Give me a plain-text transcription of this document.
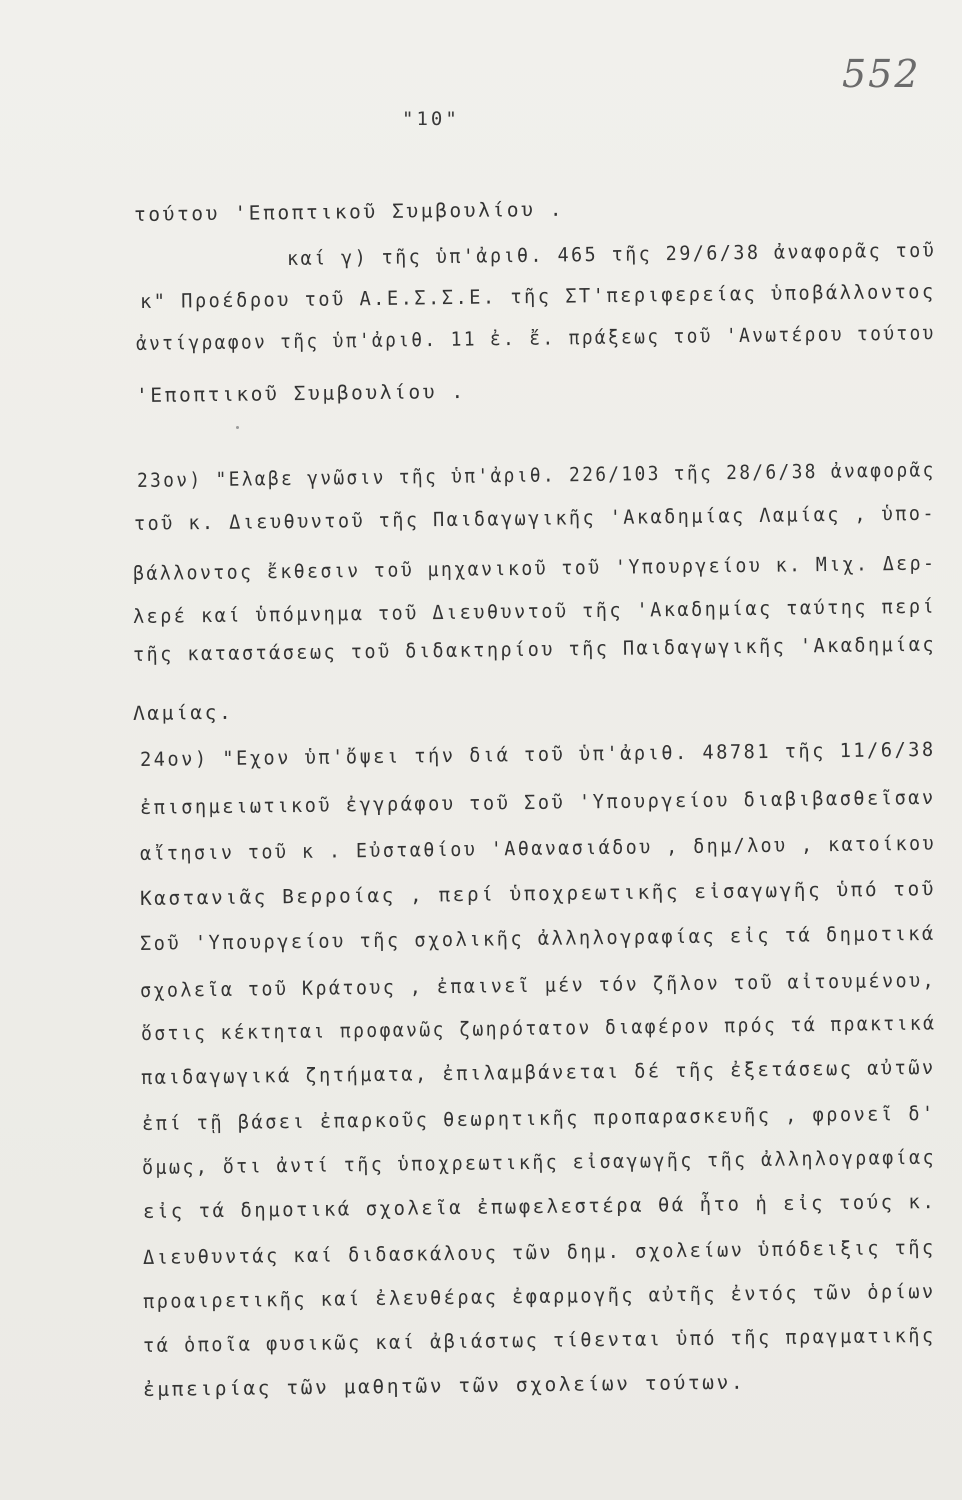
552
"10"
τούτου 'Εποπτικοῦ Συμβουλίου .
καί γ) τῆς ὑπ'ἀριθ. 465 τῆς 29/6/38 ἀναφορᾶς τοῦ
κ" Προέδρου τοῦ Α.Ε.Σ.Σ.Ε. τῆς ΣΤ'περιφερείας ὑποβάλλοντος
ἀντίγραφον τῆς ὑπ'ἀριθ. 11 ἐ. ἔ. πράξεως τοῦ 'Ανωτέρου τούτου
'Εποπτικοῦ Συμβουλίου .
23ον) "Ελαβε γνῶσιν τῆς ὑπ'ἀριθ. 226/103 τῆς 28/6/38 ἀναφορᾶς
τοῦ κ. Διευθυντοῦ τῆς Παιδαγωγικῆς 'Ακαδημίας Λαμίας , ὑπο-
βάλλοντος ἔκθεσιν τοῦ μηχανικοῦ τοῦ 'Υπουργείου κ. Μιχ. Δερ-
λερέ καί ὑπόμνημα τοῦ Διευθυντοῦ τῆς 'Ακαδημίας ταύτης περί
τῆς καταστάσεως τοῦ διδακτηρίου τῆς Παιδαγωγικῆς 'Ακαδημίας
Λαμίας.
24ον) "Εχον ὑπ'ὄψει τήν διά τοῦ ὑπ'ἀριθ. 48781 τῆς 11/6/38
ἐπισημειωτικοῦ ἐγγράφου τοῦ Σοῦ 'Υπουργείου διαβιβασθεῖσαν
αἴτησιν τοῦ κ . Εὐσταθίου 'Αθανασιάδου , δημ/λου , κατοίκου
Καστανιᾶς Βερροίας , περί ὑποχρεωτικῆς εἰσαγωγῆς ὑπό τοῦ
Σοῦ 'Υπουργείου τῆς σχολικῆς ἀλληλογραφίας εἰς τά δημοτικά
σχολεῖα τοῦ Κράτους , ἐπαινεῖ μέν τόν ζῆλον τοῦ αἰτουμένου,
ὅστις κέκτηται προφανῶς ζωηρότατον διαφέρον πρός τά πρακτικά
παιδαγωγικά ζητήματα, ἐπιλαμβάνεται δέ τῆς ἐξετάσεως αὐτῶν
ἐπί τῇ βάσει ἐπαρκοῦς θεωρητικῆς προπαρασκευῆς , φρονεῖ δ'
ὅμως, ὅτι ἀντί τῆς ὑποχρεωτικῆς εἰσαγωγῆς τῆς ἀλληλογραφίας
εἰς τά δημοτικά σχολεῖα ἐπωφελεστέρα θά ἦτο ἡ εἰς τούς κ.
Διευθυντάς καί διδασκάλους τῶν δημ. σχολείων ὑπόδειξις τῆς
προαιρετικῆς καί ἐλευθέρας ἐφαρμογῆς αὐτῆς ἐντός τῶν ὁρίων
τά ὁποῖα φυσικῶς καί ἀβιάστως τίθενται ὑπό τῆς πραγματικῆς
ἐμπειρίας τῶν μαθητῶν τῶν σχολείων τούτων.
